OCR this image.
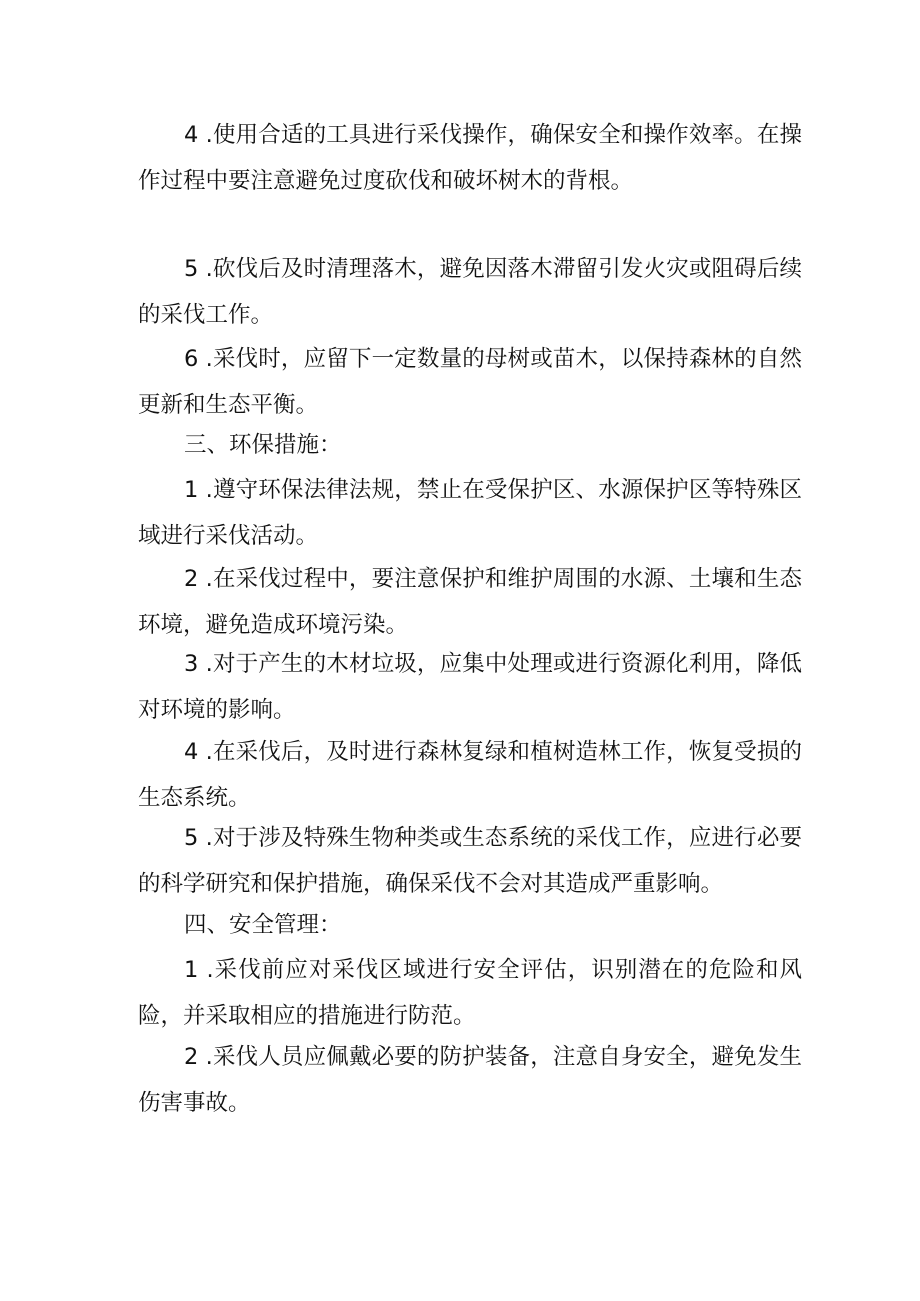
4 .使用合适的工具进行采伐操作，确保安全和操作效率。在操作过程中要注意避免过度砍伐和破坏树木的背根。

5 .砍伐后及时清理落木，避免因落木滞留引发火灾或阻碍后续的采伐工作。

6 .采伐时，应留下一定数量的母树或苗木，以保持森林的自然更新和生态平衡。

三、环保措施：

1 .遵守环保法律法规，禁止在受保护区、水源保护区等特殊区域进行采伐活动。

2 .在采伐过程中，要注意保护和维护周围的水源、土壤和生态环境，避免造成环境污染。

3 .对于产生的木材垃圾，应集中处理或进行资源化利用，降低对环境的影响。

4 .在采伐后，及时进行森林复绿和植树造林工作，恢复受损的生态系统。

5 .对于涉及特殊生物种类或生态系统的采伐工作，应进行必要的科学研究和保护措施，确保采伐不会对其造成严重影响。

四、安全管理：

1 .采伐前应对采伐区域进行安全评估，识别潜在的危险和风险，并采取相应的措施进行防范。

2 .采伐人员应佩戴必要的防护装备，注意自身安全，避免发生伤害事故。
